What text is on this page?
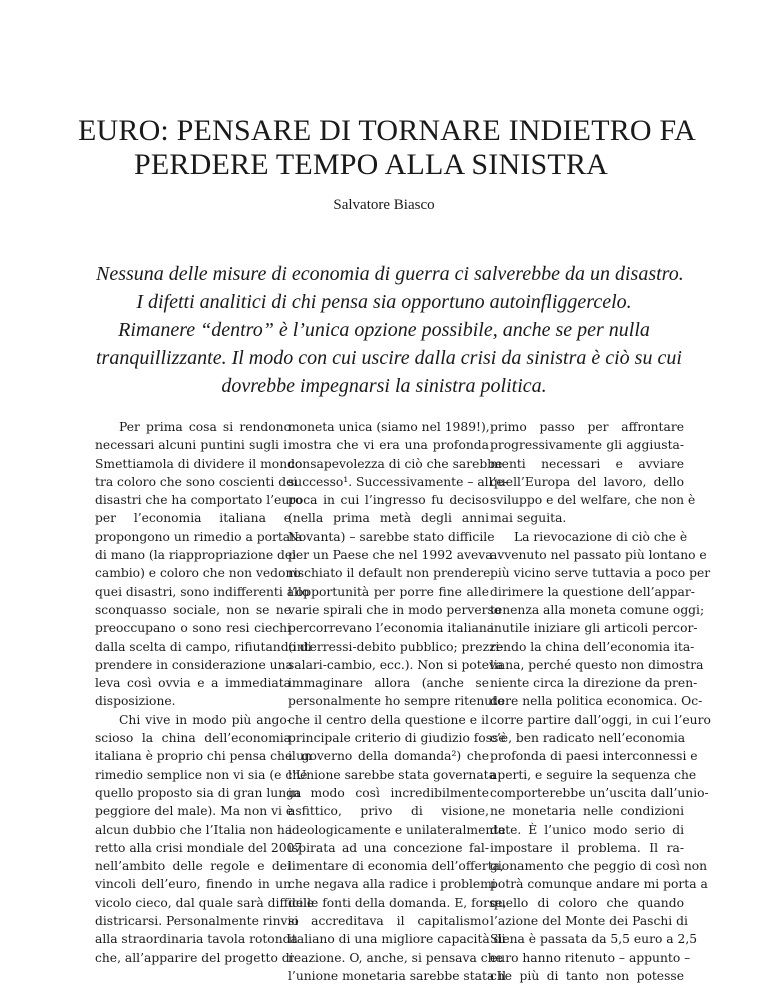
EURO: PENSARE DI TORNARE INDIETRO FA
PERDERE TEMPO ALLA SINISTRA
Salvatore Biasco

Nessuna delle misure di economia di guerra ci salverebbe da un disastro.
I difetti analitici di chi pensa sia opportuno autoinfliggercelo.
Rimanere “dentro” è l’unica opzione possibile, anche se per nulla
tranquillizzante. Il modo con cui uscire dalla crisi da sinistra è ciò su cui
dovrebbe impegnarsi la sinistra politica.

Per prima cosa si rendono
necessari alcuni puntini sugli i.
Smettiamola di dividere il mondo
tra coloro che sono coscienti dei
disastri che ha comportato l’euro
per l’economia italiana e
propongono un rimedio a portata
di mano (la riappropriazione del
cambio) e coloro che non vedono
quei disastri, sono indifferenti allo
sconquasso sociale, non se ne
preoccupano o sono resi ciechi
dalla scelta di campo, rifiutando di
prendere in considerazione una
leva così ovvia e a immediata
disposizione.
Chi vive in modo più ango-
scioso la china dell’economia
italiana è proprio chi pensa che un
rimedio semplice non vi sia (e che
quello proposto sia di gran lunga
peggiore del male). Ma non vi è
alcun dubbio che l’Italia non ha
retto alla crisi mondiale del 2007
nell’ambito delle regole e dei
vincoli dell’euro, finendo in un
vicolo cieco, dal quale sarà difficile
districarsi. Personalmente rinvio
alla straordinaria tavola rotonda
che, all’apparire del progetto di
moneta unica (siamo nel 1989!),
mostra che vi era una profonda
consapevolezza di ciò che sarebbe
successo¹. Successivamente – all’e-
poca in cui l’ingresso fu deciso
(nella prima metà degli anni
Novanta) – sarebbe stato difficile
per un Paese che nel 1992 aveva
rischiato il default non prendere
l’opportunità per porre fine alle
varie spirali che in modo perverso
percorrevano l’economia italiana
(interressi-debito pubblico; prezzi-
salari-cambio, ecc.). Non si poteva
immaginare allora (anche se
personalmente ho sempre ritenuto
che il centro della questione e il
principale criterio di giudizio fosse
il governo della domanda²) che
l’Unione sarebbe stata governata
in modo così incredibilmente
asfittico, privo di visione,
ideologicamente e unilateralmente
ispirata ad una concezione fal-
limentare di economia dell’offerta,
che negava alla radice i problemi
delle fonti della domanda. E, forse,
si accreditava il capitalismo
italiano di una migliore capacità di
reazione. O, anche, si pensava che
l’unione monetaria sarebbe stata il
primo passo per affrontare
progressivamente gli aggiusta-
menti necessari e avviare
quell’Europa del lavoro, dello
sviluppo e del welfare, che non è
mai seguita.
La rievocazione di ciò che è
avvenuto nel passato più lontano e
più vicino serve tuttavia a poco per
dirimere la questione dell’appar-
tenenza alla moneta comune oggi;
inutile iniziare gli articoli percor-
rendo la china dell’economia ita-
liana, perché questo non dimostra
niente circa la direzione da pren-
dere nella politica economica. Oc-
corre partire dall’oggi, in cui l’euro
c’è, ben radicato nell’economia
profonda di paesi interconnessi e
aperti, e seguire la sequenza che
comporterebbe un’uscita dall’unio-
ne monetaria nelle condizioni
date. È l’unico modo serio di
impostare il problema. Il ra-
gionamento che peggio di così non
potrà comunque andare mi porta a
quello di coloro che quando
l’azione del Monte dei Paschi di
Siena è passata da 5,5 euro a 2,5
euro hanno ritenuto – appunto –
che più di tanto non potesse
